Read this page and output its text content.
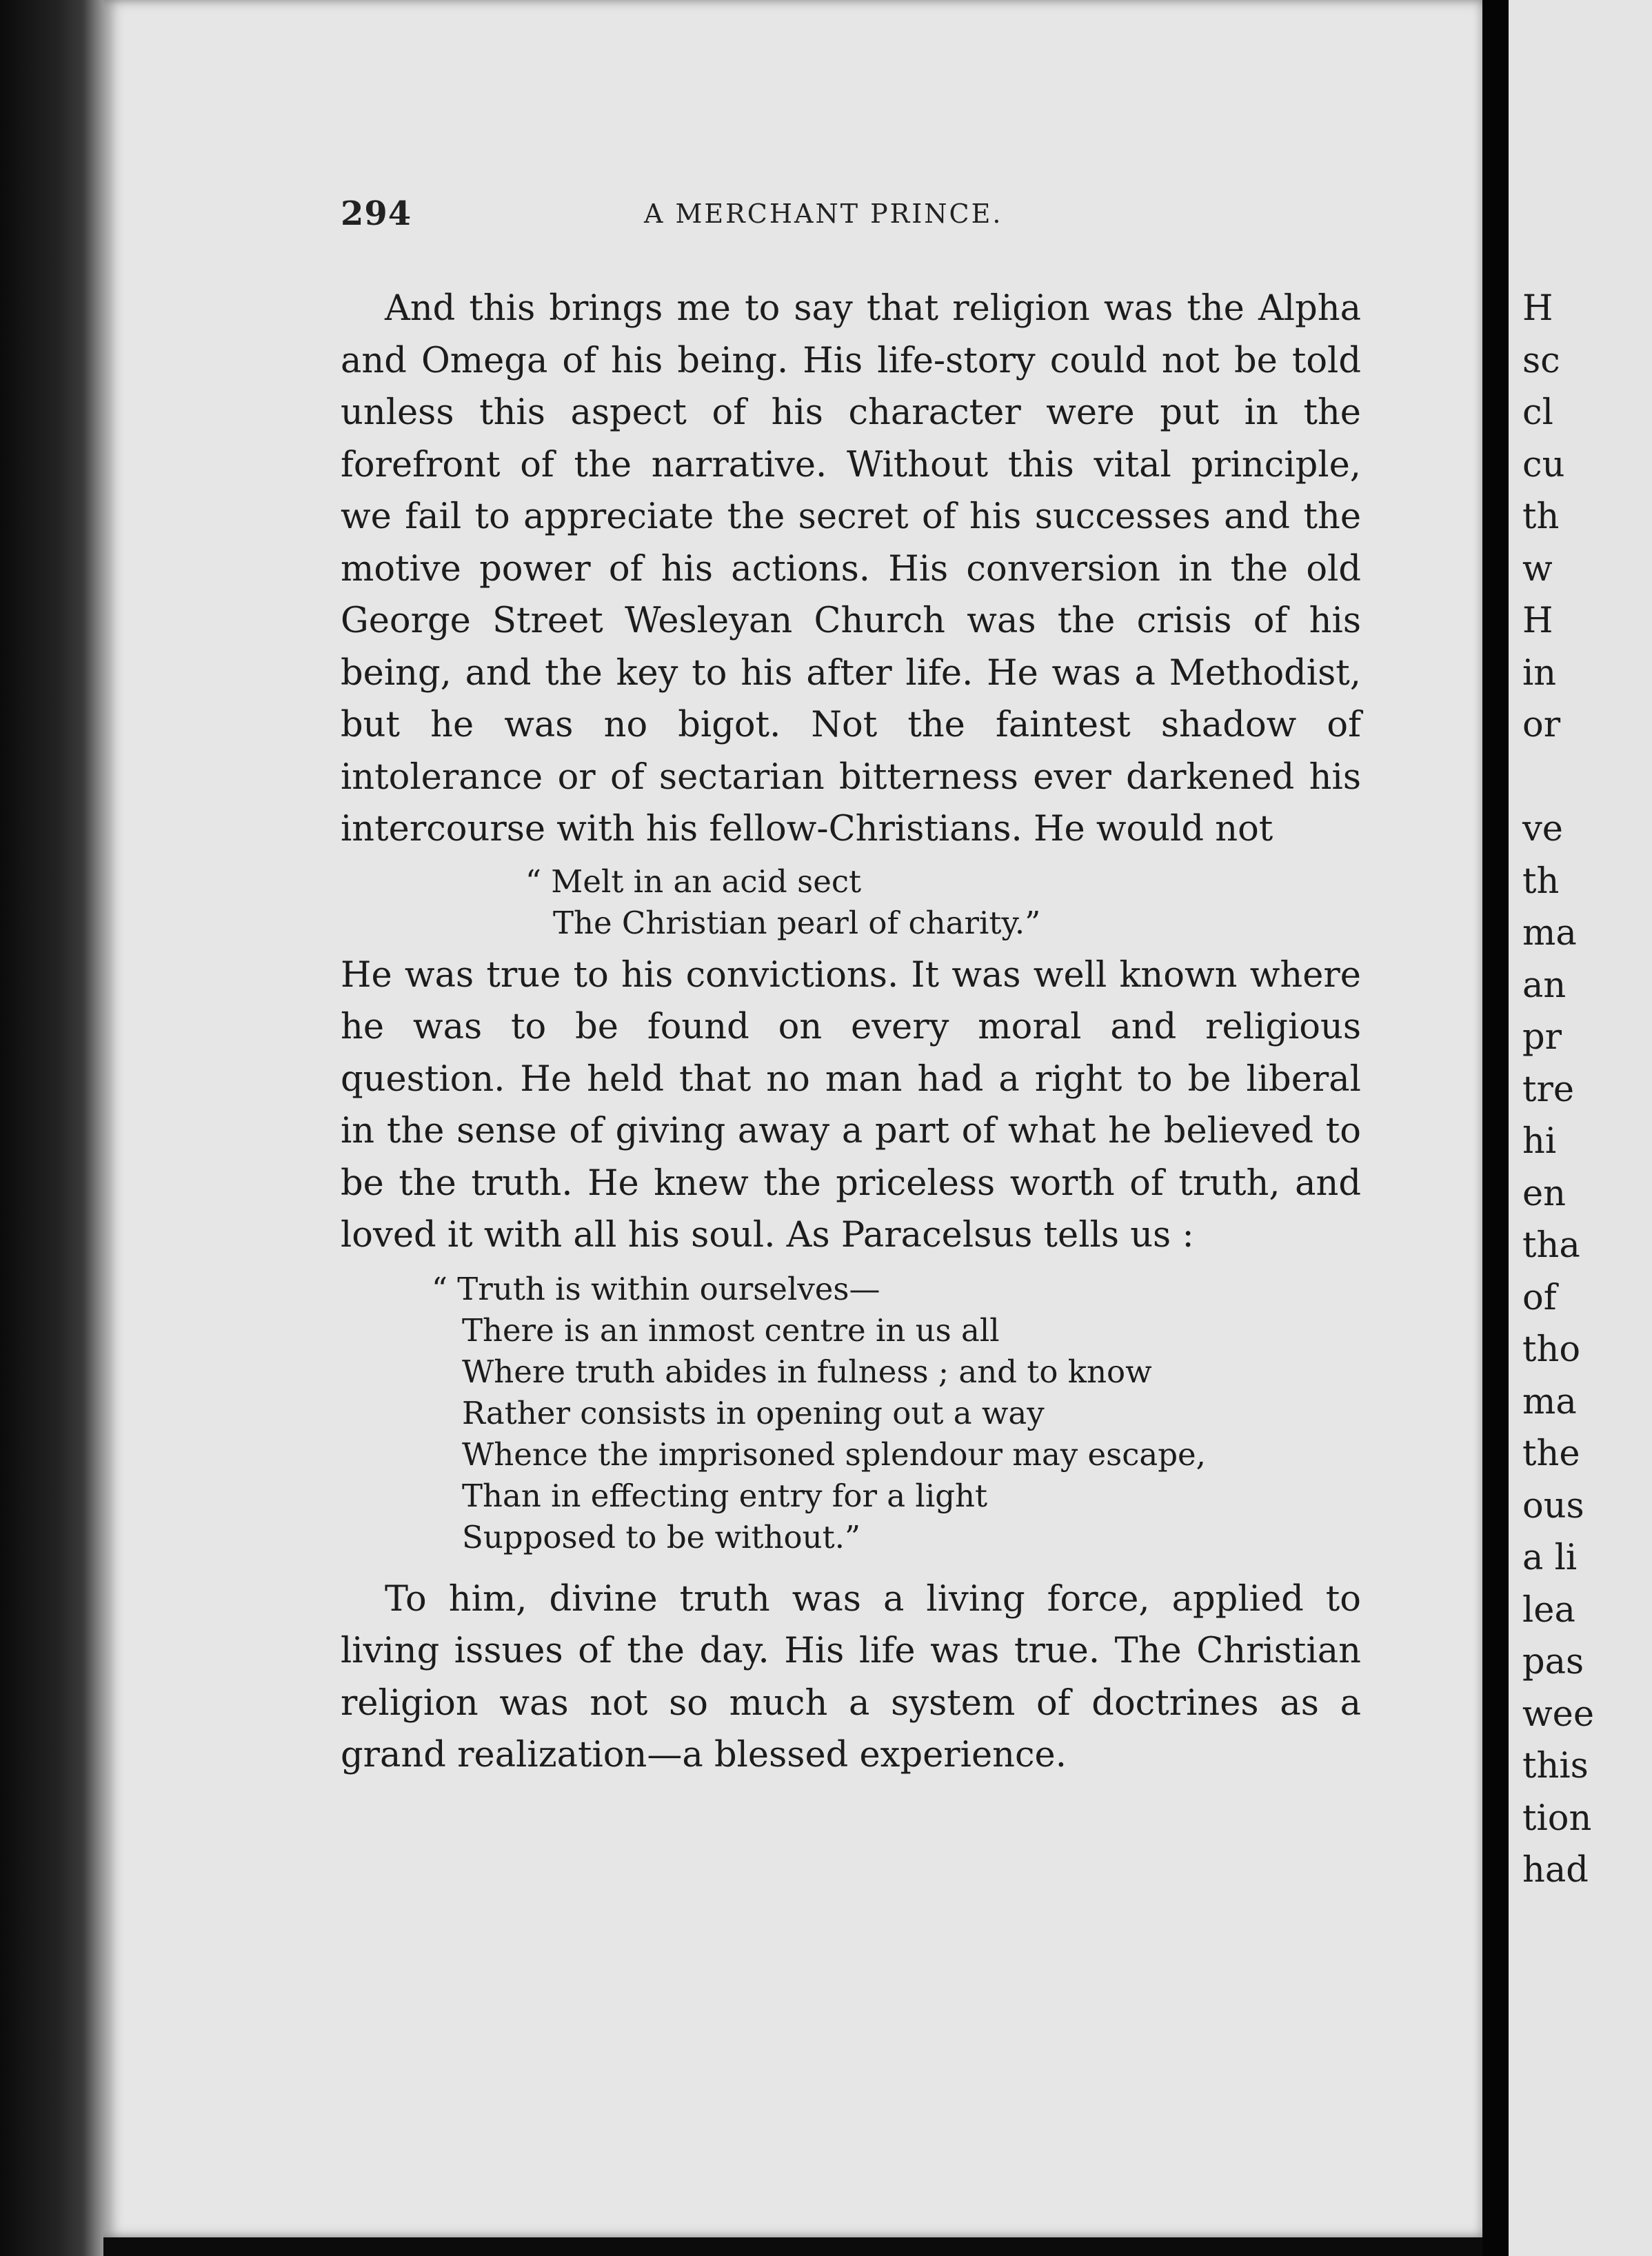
294	A MERCHANT PRINCE.

And this brings me to say that religion was the Alpha and Omega of his being. His life-story could not be told unless this aspect of his character were put in the forefront of the narrative. Without this vital principle, we fail to appreciate the secret of his successes and the motive power of his actions. His conversion in the old George Street Wesleyan Church was the crisis of his being, and the key to his after life. He was a Methodist, but he was no bigot. Not the faintest shadow of intolerance or of sectarian bitterness ever darkened his intercourse with his fellow-Christians. He would not

“ Melt in an acid sect
The Christian pearl of charity.”

He was true to his convictions. It was well known where he was to be found on every moral and religious question. He held that no man had a right to be liberal in the sense of giving away a part of what he believed to be the truth. He knew the priceless worth of truth, and loved it with all his soul. As Paracelsus tells us :

“ Truth is within ourselves—
There is an inmost centre in us all
Where truth abides in fulness ; and to know
Rather consists in opening out a way
Whence the imprisoned splendour may escape,
Than in effecting entry for a light
Supposed to be without.”

To him, divine truth was a living force, applied to living issues of the day. His life was true. The Christian religion was not so much a system of doctrines as a grand realization—a blessed experience.

H
sc
cl
cu
th
w
H
in
or
ve
th
ma
an
pr
tre
hi
en
tha
of
tho
ma
the
ous
a li
lea
pas
wee
this
tion
had
